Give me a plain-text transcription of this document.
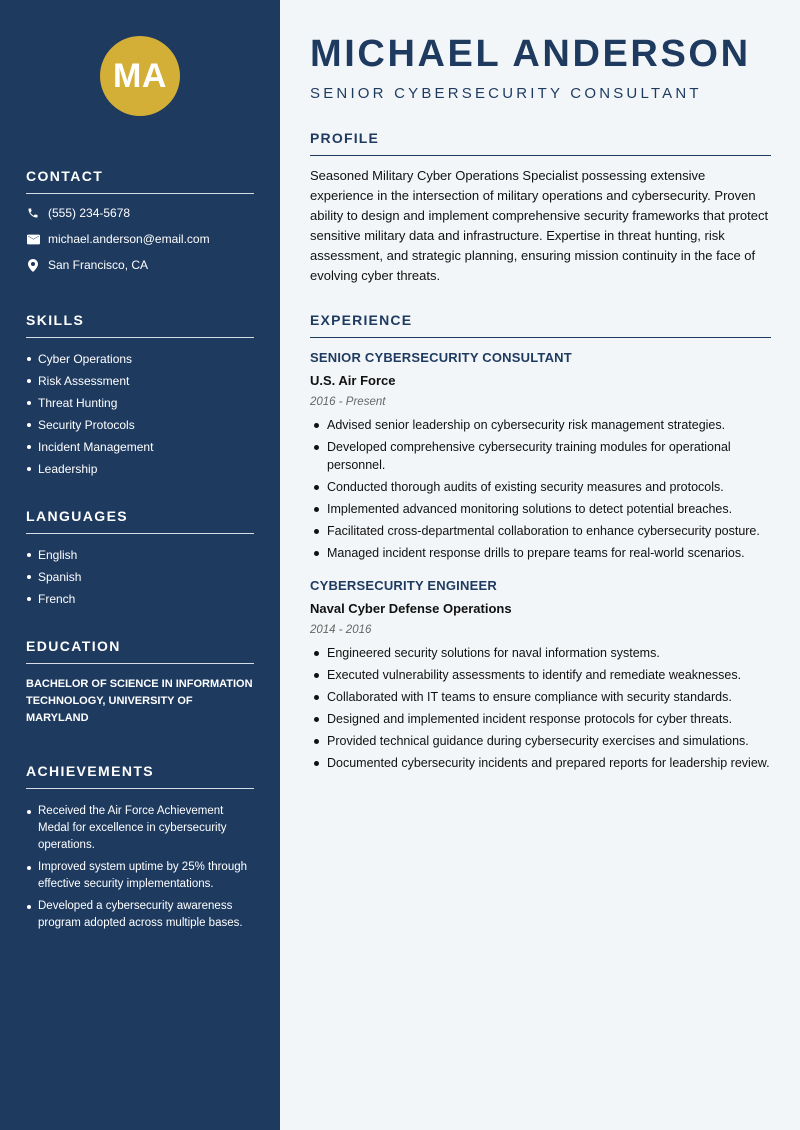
MA
CONTACT
(555) 234-5678
michael.anderson@email.com
San Francisco, CA
SKILLS
Cyber Operations
Risk Assessment
Threat Hunting
Security Protocols
Incident Management
Leadership
LANGUAGES
English
Spanish
French
EDUCATION
BACHELOR OF SCIENCE IN INFORMATION TECHNOLOGY, UNIVERSITY OF MARYLAND
ACHIEVEMENTS
Received the Air Force Achievement Medal for excellence in cybersecurity operations.
Improved system uptime by 25% through effective security implementations.
Developed a cybersecurity awareness program adopted across multiple bases.
MICHAEL ANDERSON
SENIOR CYBERSECURITY CONSULTANT
PROFILE

Seasoned Military Cyber Operations Specialist possessing extensive experience in the intersection of military operations and cybersecurity. Proven ability to design and implement comprehensive security frameworks that protect sensitive military data and infrastructure. Expertise in threat hunting, risk assessment, and strategic planning, ensuring mission continuity in the face of evolving cyber threats.

EXPERIENCE
SENIOR CYBERSECURITY CONSULTANT
U.S. Air Force
2016 - Present
Advised senior leadership on cybersecurity risk management strategies.
Developed comprehensive cybersecurity training modules for operational personnel.
Conducted thorough audits of existing security measures and protocols.
Implemented advanced monitoring solutions to detect potential breaches.
Facilitated cross-departmental collaboration to enhance cybersecurity posture.
Managed incident response drills to prepare teams for real-world scenarios.
CYBERSECURITY ENGINEER
Naval Cyber Defense Operations
2014 - 2016
Engineered security solutions for naval information systems.
Executed vulnerability assessments to identify and remediate weaknesses.
Collaborated with IT teams to ensure compliance with security standards.
Designed and implemented incident response protocols for cyber threats.
Provided technical guidance during cybersecurity exercises and simulations.
Documented cybersecurity incidents and prepared reports for leadership review.
